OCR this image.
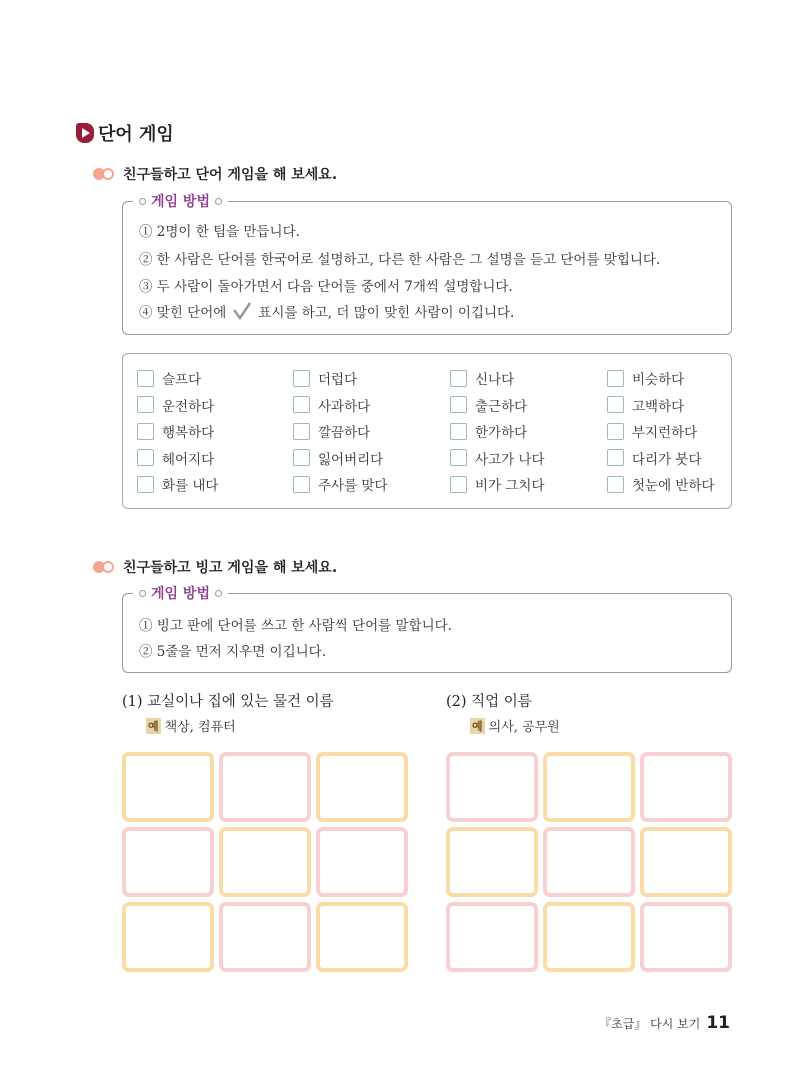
단어 게임
친구들하고 단어 게임을 해 보세요.
게임 방법
① 2명이 한 팀을 만듭니다.
② 한 사람은 단어를 한국어로 설명하고, 다른 한 사람은 그 설명을 듣고 단어를 맞힙니다.
③ 두 사람이 돌아가면서 다음 단어들 중에서 7개씩 설명합니다.
④ 맞힌 단어에 표시를 하고, 더 많이 맞힌 사람이 이깁니다.
슬프다	더럽다	신나다	비슷하다
운전하다	사과하다	출근하다	고백하다
행복하다	깔끔하다	한가하다	부지런하다
헤어지다	잃어버리다	사고가 나다	다리가 붓다
화를 내다	주사를 맞다	비가 그치다	첫눈에 반하다
친구들하고 빙고 게임을 해 보세요.
게임 방법
① 빙고 판에 단어를 쓰고 한 사람씩 단어를 말합니다.
② 5줄을 먼저 지우면 이깁니다.
(1) 교실이나 집에 있는 물건 이름
예 책상, 컴퓨터
(2) 직업 이름
예 의사, 공무원
『초급』 다시 보기 11
